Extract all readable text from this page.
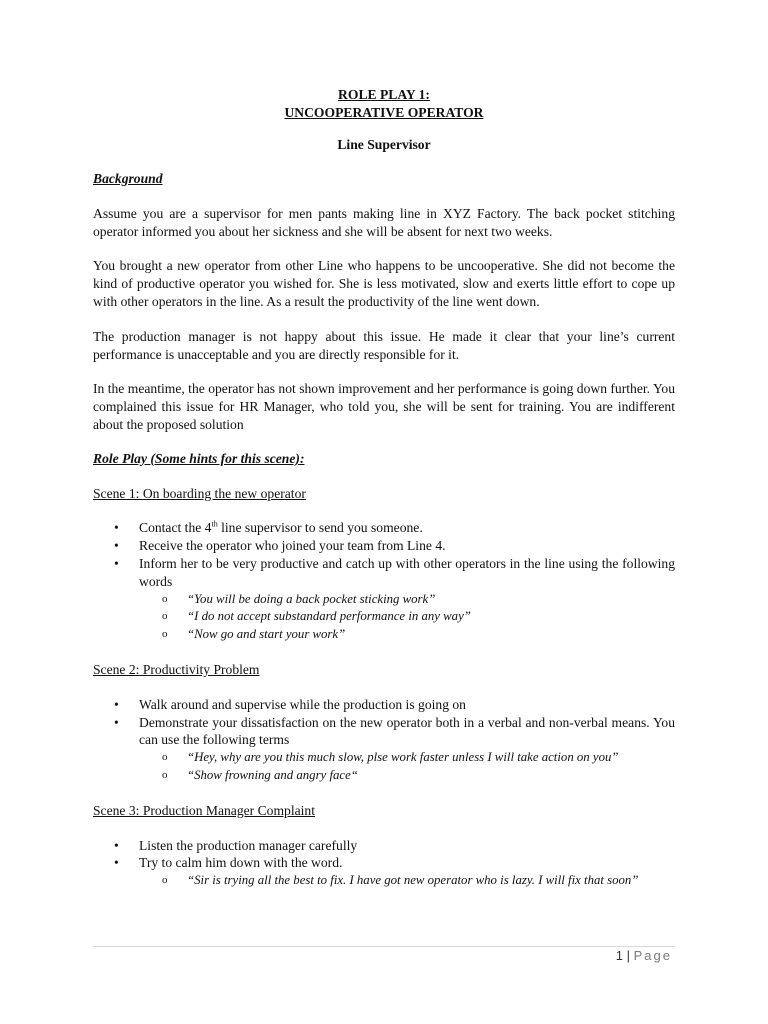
ROLE PLAY 1:

UNCOOPERATIVE OPERATOR

Line Supervisor

Background

Assume you are a supervisor for men pants making line in XYZ Factory. The back pocket stitching operator informed you about her sickness and she will be absent for next two weeks.

You brought a new operator from other Line who happens to be uncooperative. She did not become the kind of productive operator you wished for. She is less motivated, slow and exerts little effort to cope up with other operators in the line. As a result the productivity of the line went down.

The production manager is not happy about this issue. He made it clear that your line’s current performance is unacceptable and you are directly responsible for it.

In the meantime, the operator has not shown improvement and her performance is going down further. You complained this issue for HR Manager, who told you, she will be sent for training. You are indifferent about the proposed solution

Role Play (Some hints for this scene):

Scene 1: On boarding the new operator

• Contact the 4th line supervisor to send you someone.
• Receive the operator who joined your team from Line 4.
• Inform her to be very productive and catch up with other operators in the line using the following words
o “You will be doing a back pocket sticking work”
o “I do not accept substandard performance in any way”
o “Now go and start your work”

Scene 2: Productivity Problem

• Walk around and supervise while the production is going on
• Demonstrate your dissatisfaction on the new operator both in a verbal and non-verbal means. You can use the following terms
o “Hey, why are you this much slow, plse work faster unless I will take action on you”
o “Show frowning and angry face“

Scene 3: Production Manager Complaint

• Listen the production manager carefully
• Try to calm him down with the word.
o “Sir is trying all the best to fix. I have got new operator who is lazy. I will fix that soon”
1 | Page
